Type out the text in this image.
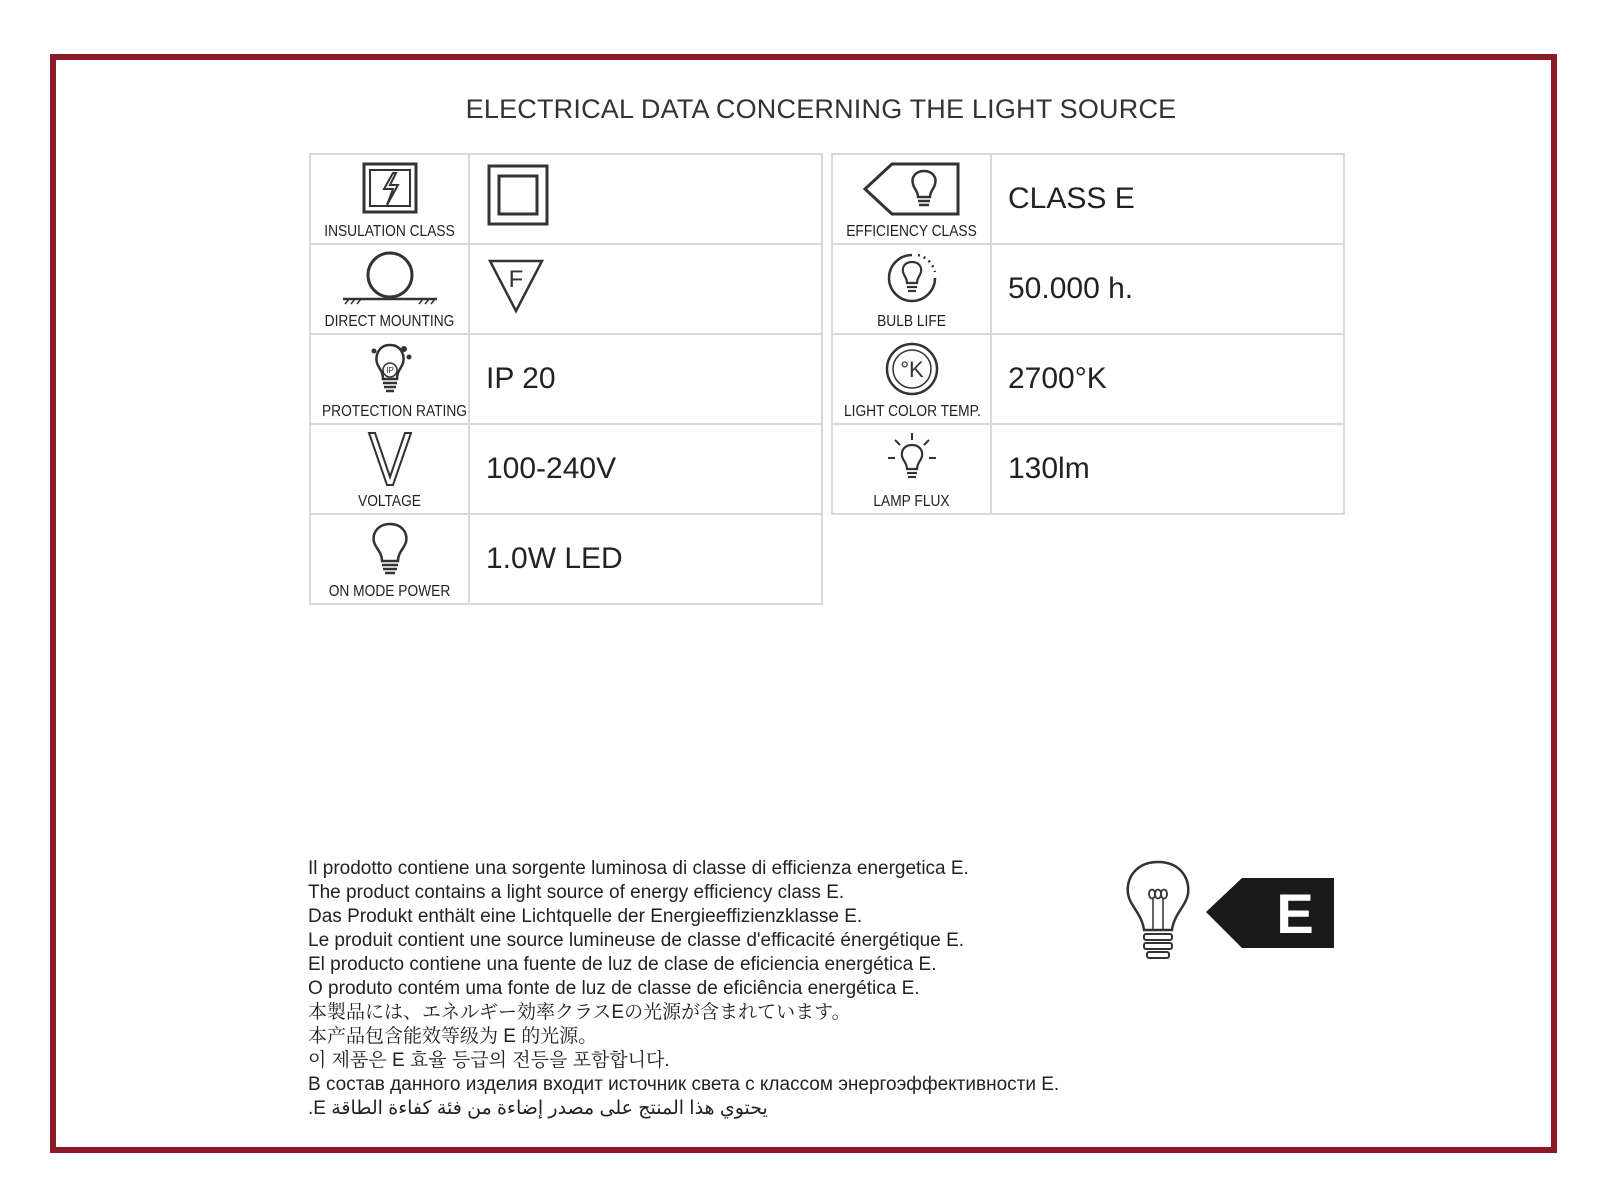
ELECTRICAL DATA CONCERNING THE LIGHT SOURCE
INSULATION CLASS

DIRECT MOUNTING	F

IP
PROTECTION RATING	IP 20

VOLTAGE	100-240V

ON MODE POWER	1.0W LED
EFFICIENCY CLASS	CLASS E

BULB LIFE	50.000 h.

°K
LIGHT COLOR TEMP.	2700°K

LAMP FLUX	130lm
Il prodotto contiene una sorgente luminosa di classe di efficienza energetica E.
The product contains a light source of energy efficiency class E.
Das Produkt enthält eine Lichtquelle der Energieeffizienzklasse E.
Le produit contient une source lumineuse de classe d'efficacité énergétique E.
El producto contiene una fuente de luz de clase de eficiencia energética E.
O produto contém uma fonte de luz de classe de eficiência energética E.
本製品には、エネルギー効率クラスEの光源が含まれています。
本产品包含能效等级为 E 的光源。
이 제품은 E 효율 등급의 전등을 포함합니다.
В состав данного изделия входит источник света с классом энергоэффективности E.
يحتوي هذا المنتج على مصدر إضاءة من فئة كفاءة الطاقة E.
E
